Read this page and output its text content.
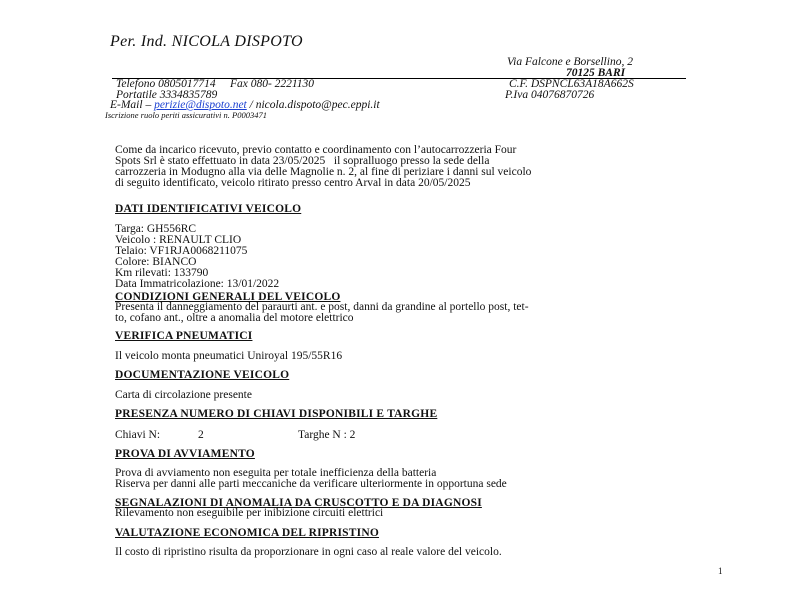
Per. Ind. NICOLA DISPOTO
Via Falcone e Borsellino, 2
70125 BARI
Telefono 0805017714     Fax 080- 2221130	C.F. DSPNCL63A18A662S
Portatile 3334835789	P.Iva 04076870726
E-Mail – perizie@dispoto.net / nicola.dispoto@pec.eppi.it
Iscrizione ruolo periti assicurativi n. P0003471
Come da incarico ricevuto, previo contatto e coordinamento con l’autocarrozzeria Four
Spots Srl è stato effettuato in data 23/05/2025   il sopralluogo presso la sede della
carrozzeria in Modugno alla via delle Magnolie n. 2, al fine di periziare i danni sul veicolo
di seguito identificato, veicolo ritirato presso centro Arval in data 20/05/2025
DATI IDENTIFICATIVI VEICOLO
Targa: GH556RC
Veicolo : RENAULT CLIO
Telaio: VF1RJA0068211075
Colore: BIANCO
Km rilevati: 133790
Data Immatricolazione: 13/01/2022
CONDIZIONI GENERALI DEL VEICOLO
Presenta il danneggiamento del paraurti ant. e post, danni da grandine al portello post, tet-
to, cofano ant., oltre a anomalia del motore elettrico
VERIFICA PNEUMATICI
Il veicolo monta pneumatici Uniroyal 195/55R16
DOCUMENTAZIONE VEICOLO
Carta di circolazione presente
PRESENZA NUMERO DI CHIAVI DISPONIBILI E TARGHE
Chiavi N:	2	Targhe N : 2
PROVA DI AVVIAMENTO
Prova di avviamento non eseguita per totale inefficienza della batteria
Riserva per danni alle parti meccaniche da verificare ulteriormente in opportuna sede
SEGNALAZIONI DI ANOMALIA DA CRUSCOTTO E DA DIAGNOSI
Rilevamento non eseguibile per inibizione circuiti elettrici
VALUTAZIONE ECONOMICA DEL RIPRISTINO
Il costo di ripristino risulta da proporzionare in ogni caso al reale valore del veicolo.
1
